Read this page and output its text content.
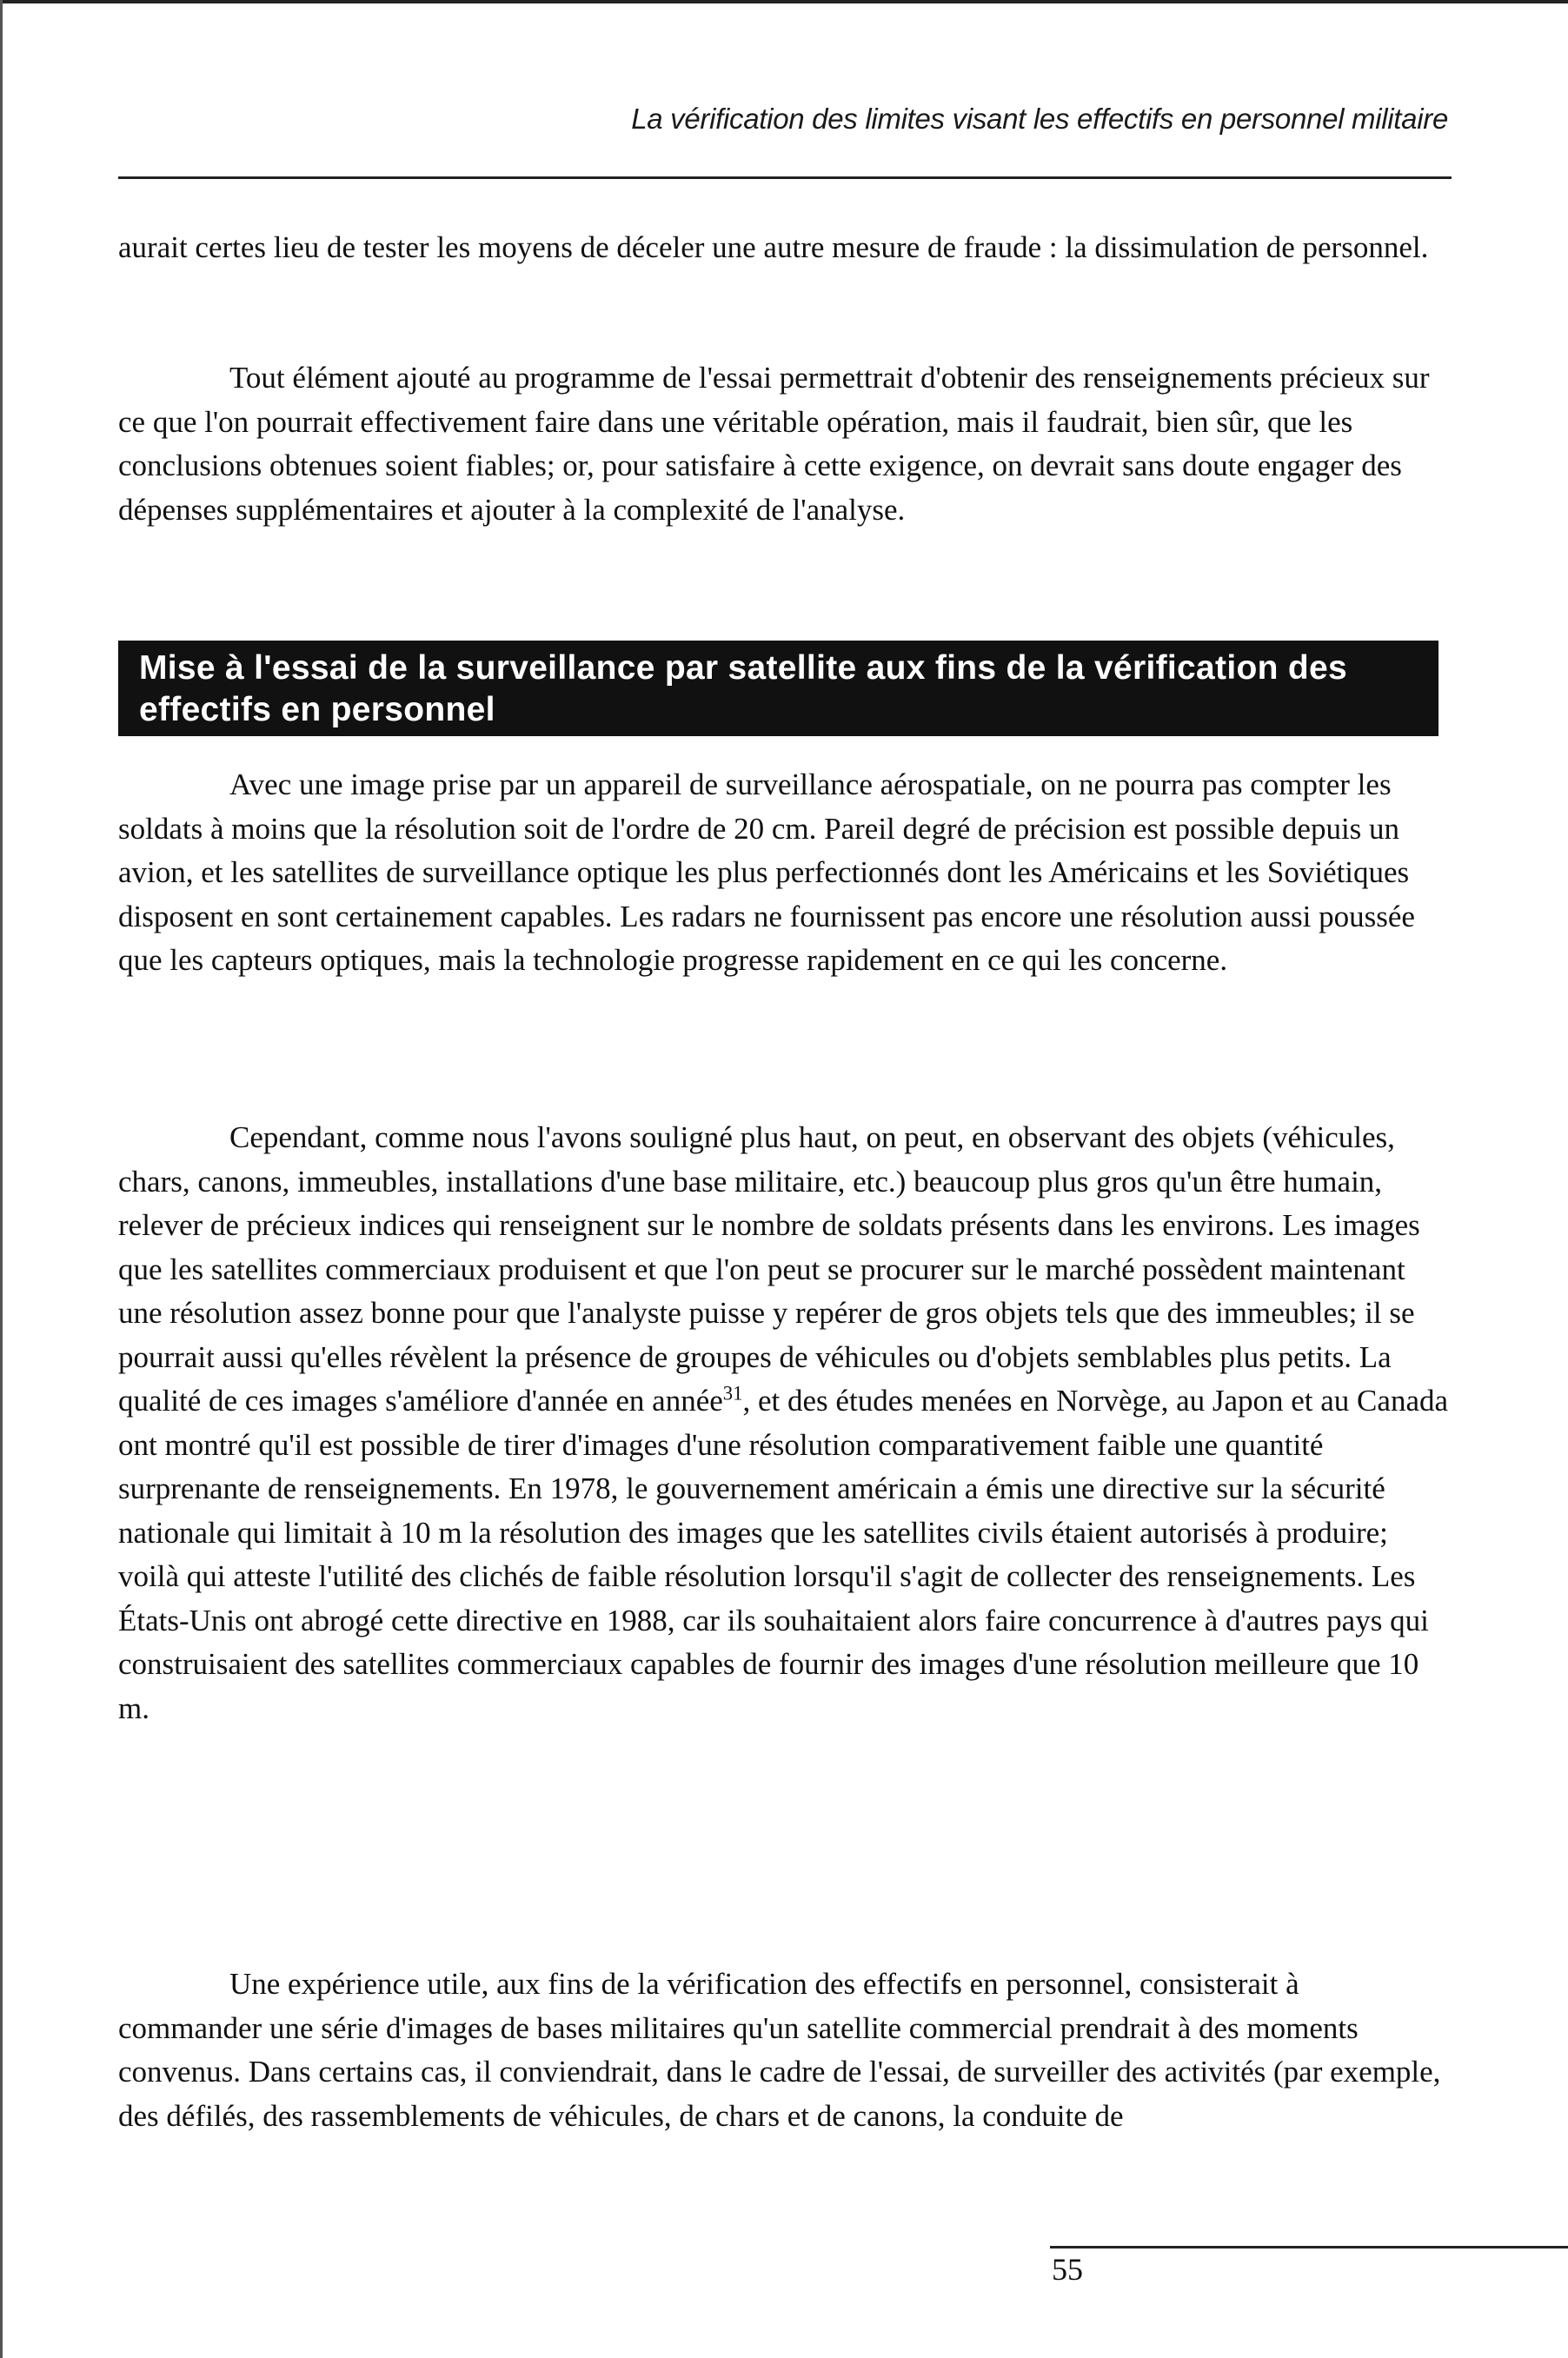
La vérification des limites visant les effectifs en personnel militaire

aurait certes lieu de tester les moyens de déceler une autre mesure de fraude : la dissimulation de personnel.

Tout élément ajouté au programme de l'essai permettrait d'obtenir des renseignements précieux sur ce que l'on pourrait effectivement faire dans une véritable opération, mais il faudrait, bien sûr, que les conclusions obtenues soient fiables; or, pour satisfaire à cette exigence, on devrait sans doute engager des dépenses supplémentaires et ajouter à la complexité de l'analyse.

Mise à l'essai de la surveillance par satellite aux fins de la vérification des effectifs en personnel

Avec une image prise par un appareil de surveillance aérospatiale, on ne pourra pas compter les soldats à moins que la résolution soit de l'ordre de 20 cm. Pareil degré de précision est possible depuis un avion, et les satellites de surveillance optique les plus perfectionnés dont les Américains et les Soviétiques disposent en sont certainement capables. Les radars ne fournissent pas encore une résolution aussi poussée que les capteurs optiques, mais la technologie progresse rapidement en ce qui les concerne.

Cependant, comme nous l'avons souligné plus haut, on peut, en observant des objets (véhicules, chars, canons, immeubles, installations d'une base militaire, etc.) beaucoup plus gros qu'un être humain, relever de précieux indices qui renseignent sur le nombre de soldats présents dans les environs. Les images que les satellites commerciaux produisent et que l'on peut se procurer sur le marché possèdent maintenant une résolution assez bonne pour que l'analyste puisse y repérer de gros objets tels que des immeubles; il se pourrait aussi qu'elles révèlent la présence de groupes de véhicules ou d'objets semblables plus petits. La qualité de ces images s'améliore d'année en année$^{31}$, et des études menées en Norvège, au Japon et au Canada ont montré qu'il est possible de tirer d'images d'une résolution comparativement faible une quantité surprenante de renseignements. En 1978, le gouvernement américain a émis une directive sur la sécurité nationale qui limitait à 10 m la résolution des images que les satellites civils étaient autorisés à produire; voilà qui atteste l'utilité des clichés de faible résolution lorsqu'il s'agit de collecter des renseignements. Les États-Unis ont abrogé cette directive en 1988, car ils souhaitaient alors faire concurrence à d'autres pays qui construisaient des satellites commerciaux capables de fournir des images d'une résolution meilleure que 10 m.

Une expérience utile, aux fins de la vérification des effectifs en personnel, consisterait à commander une série d'images de bases militaires qu'un satellite commercial prendrait à des moments convenus. Dans certains cas, il conviendrait, dans le cadre de l'essai, de surveiller des activités (par exemple, des défilés, des rassemblements de véhicules, de chars et de canons, la conduite de

55
